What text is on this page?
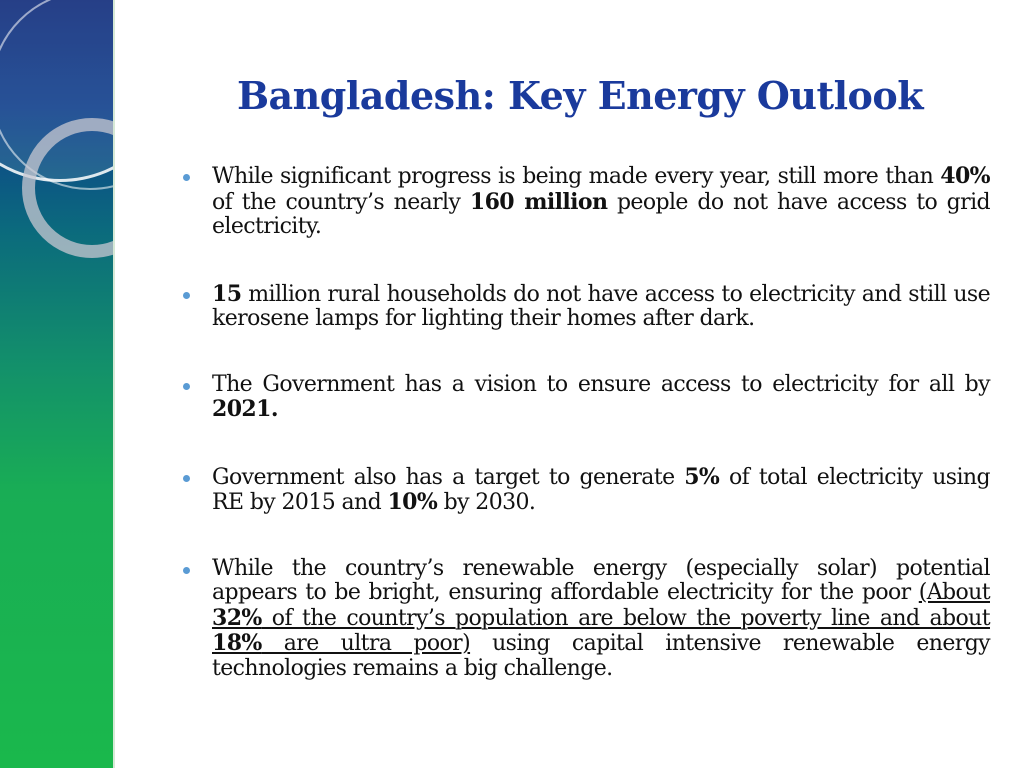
Bangladesh: Key Energy Outlook
While significant progress is being made every year, still more than 40% of the country’s nearly 160 million people do not have access to grid electricity.
15 million rural households do not have access to electricity and still use kerosene lamps for lighting their homes after dark.
The Government has a vision to ensure access to electricity for all by 2021.
Government also has a target to generate 5% of total electricity using RE by 2015 and 10% by 2030.
While the country’s renewable energy (especially solar) potential appears to be bright, ensuring affordable electricity for the poor (About 32% of the country’s population are below the poverty line and about 18% are ultra poor) using capital intensive renewable energy technologies remains a big challenge.
